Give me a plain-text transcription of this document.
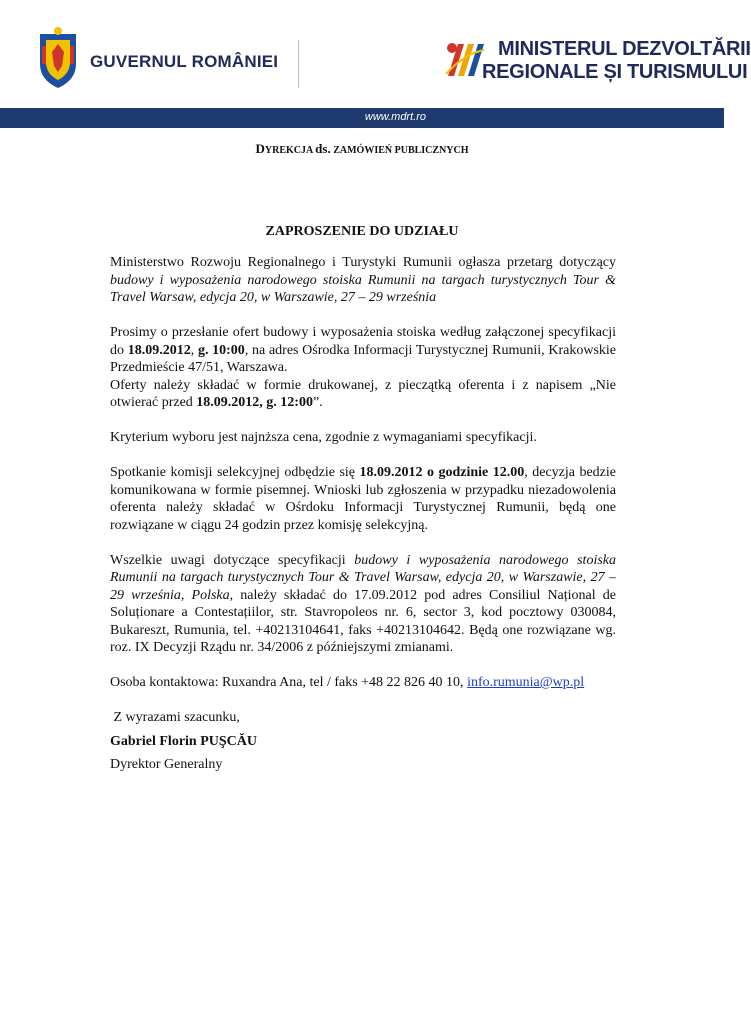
GUVERNUL ROMÂNIEI
MINISTERUL DEZVOLTĂRII
REGIONALE ȘI TURISMULUI
www.mdrt.ro
DYREKCJA ds. ZAMÓWIEŃ PUBLICZNYCH
ZAPROSZENIE DO UDZIAŁU

Ministerstwo Rozwoju Regionalnego i Turystyki Rumunii ogłasza przetarg dotyczący budowy i wyposażenia narodowego stoiska Rumunii na targach turystycznych Tour & Travel Warsaw, edycja 20, w Warszawie, 27 – 29 września

Prosimy o przesłanie ofert budowy i wyposażenia stoiska według załączonej specyfikacji do 18.09.2012, g. 10:00, na adres Ośrodka Informacji Turystycznej Rumunii, Krakowskie Przedmieście 47/51, Warszawa.

Oferty należy składać w formie drukowanej, z pieczątką oferenta i z napisem „Nie otwierać przed 18.09.2012, g. 12:00”.

Kryterium wyboru jest najnższa cena, zgodnie z wymaganiami specyfikacji.

Spotkanie komisji selekcyjnej odbędzie się 18.09.2012 o godzinie 12.00, decyzja bedzie komunikowana w formie pisemnej. Wnioski lub zgłoszenia w przypadku niezadowolenia oferenta należy składać w Ośrdoku Informacji Turystycznej Rumunii, będą one rozwiązane w ciągu 24 godzin przez komisję selekcyjną.

Wszelkie uwagi dotyczące specyfikacji budowy i wyposażenia narodowego stoiska Rumunii na targach turystycznych Tour & Travel Warsaw, edycja 20, w Warszawie, 27 – 29 września, Polska, należy składać do 17.09.2012 pod adres Consiliul Național de Soluționare a Contestațiilor, str. Stavropoleos nr. 6, sector 3, kod pocztowy 030084, Bukareszt, Rumunia, tel. +40213104641, faks +40213104642. Będą one rozwiązane wg. roz. IX Decyzji Rządu nr. 34/2006 z późniejszymi zmianami.

Osoba kontaktowa: Ruxandra Ana, tel / faks +48 22 826 40 10, info.rumunia@wp.pl

Z wyrazami szacunku,

Gabriel Florin PUŞCĂU

Dyrektor Generalny
